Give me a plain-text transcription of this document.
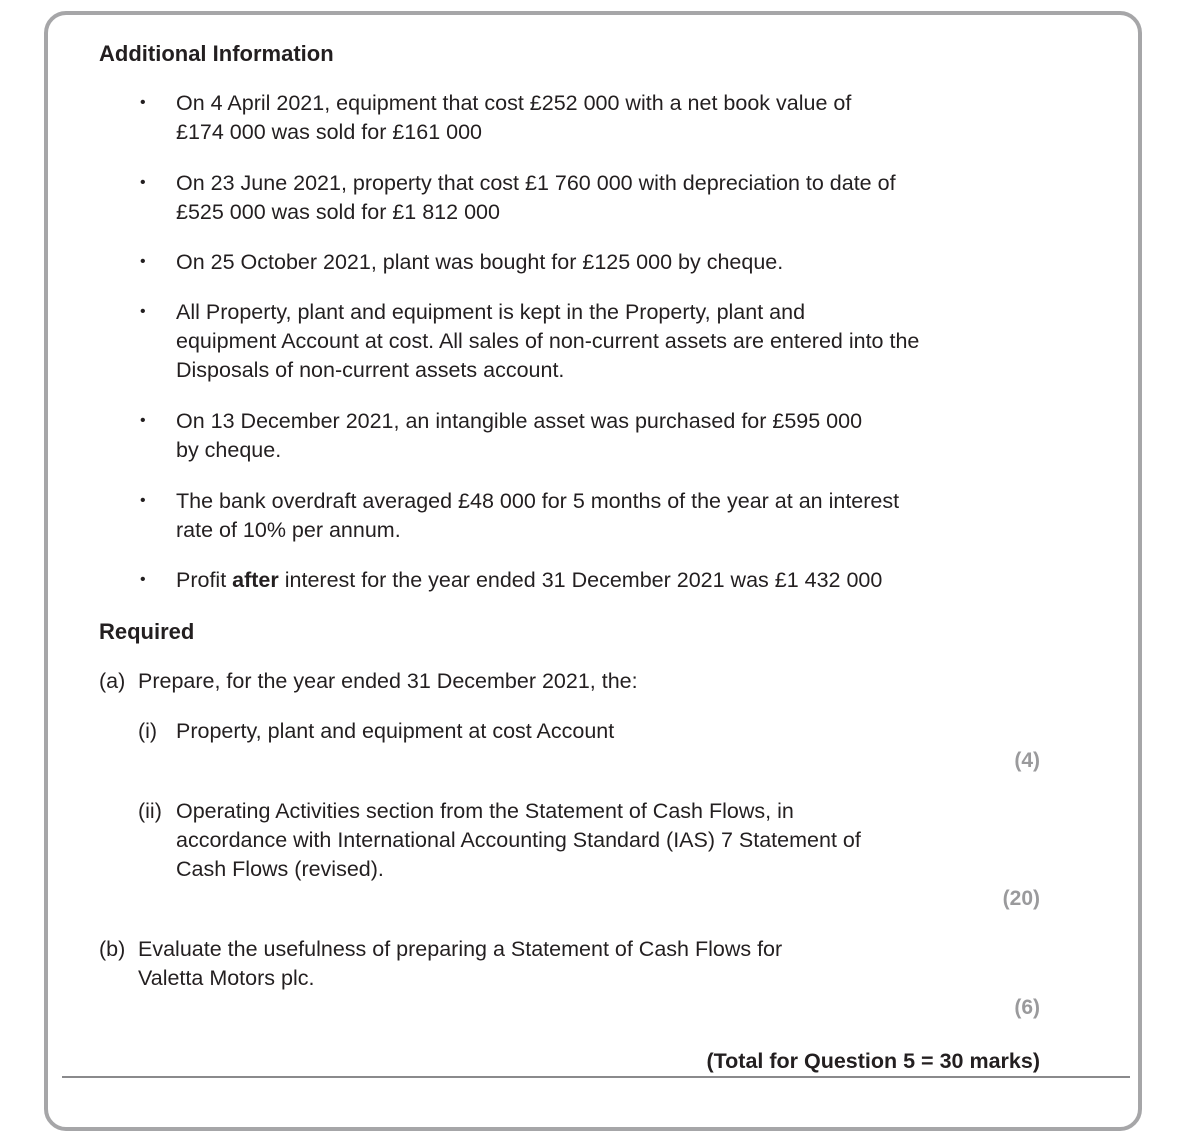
Additional Information
• On 4 April 2021, equipment that cost £252 000 with a net book value of
£174 000 was sold for £161 000
• On 23 June 2021, property that cost £1 760 000 with depreciation to date of
£525 000 was sold for £1 812 000
• On 25 October 2021, plant was bought for £125 000 by cheque.
• All Property, plant and equipment is kept in the Property, plant and
equipment Account at cost. All sales of non-current assets are entered into the
Disposals of non-current assets account.
• On 13 December 2021, an intangible asset was purchased for £595 000
by cheque.
• The bank overdraft averaged £48 000 for 5 months of the year at an interest
rate of 10% per annum.
• Profit after interest for the year ended 31 December 2021 was £1 432 000
Required
(a) Prepare, for the year ended 31 December 2021, the:
(i) Property, plant and equipment at cost Account
(4)
(ii) Operating Activities section from the Statement of Cash Flows, in
accordance with International Accounting Standard (IAS) 7 Statement of
Cash Flows (revised).
(20)
(b) Evaluate the usefulness of preparing a Statement of Cash Flows for
Valetta Motors plc.
(6)
(Total for Question 5 = 30 marks)
